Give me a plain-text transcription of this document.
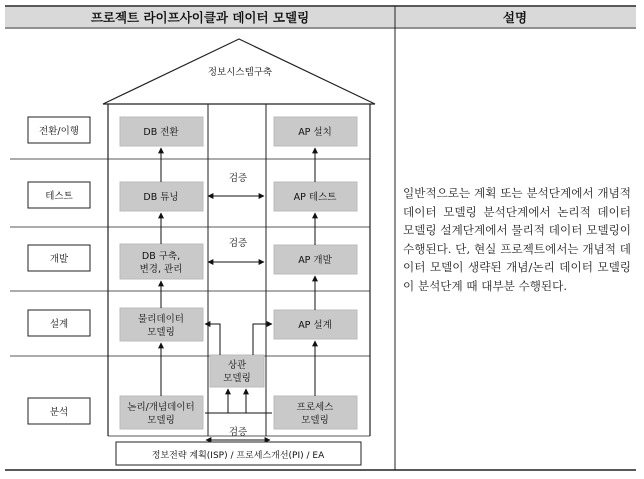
프로젝트 라이프사이클과 데이터 모델링	설명
정보시스템구축
전환/이행
테스트
개발
설계
분석
DB 전환
DB 튜닝
DB 구축,
변경, 관리
물리데이터
모델링
논리/개념데이터
모델링
AP 설치
AP 테스트
AP 개발
AP 설계
프로세스
모델링
상관
모델링
검증
검증
검증
정보전략 계획(ISP) / 프로세스개선(PI) / EA
일반적으로는 계획 또는 분석단계에서 개념적 데이터 모델링 분석단계에서 논리적 데이터 모델링 설계단계에서 물리적 데이터 모델링이 수행된다. 단, 현실 프로젝트에서는 개념적 데이터 모델이 생략된 개념/논리 데이터 모델링이 분석단계 때 대부분 수행된다.
